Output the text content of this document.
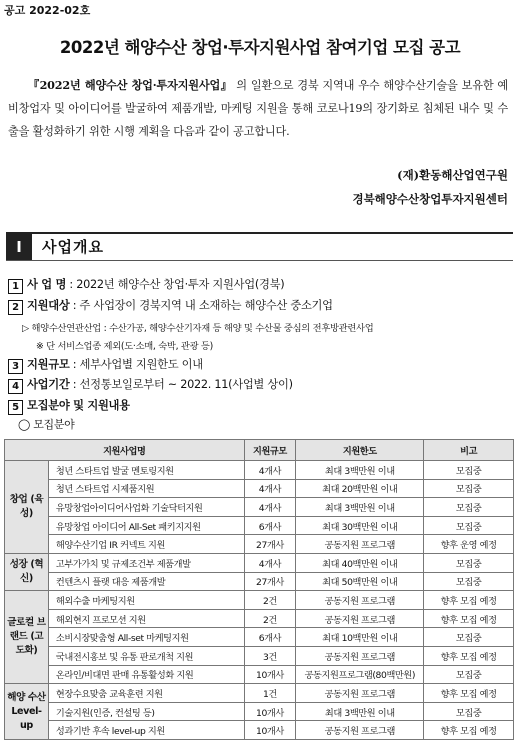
공고 2022-02호
2022년 해양수산 창업·투자지원사업 참여기업 모집 공고
『2022년 해양수산 창업·투자지원사업』 의 일환으로 경북 지역내 우수 해양수산기술을 보유한 예비창업자 및 아이디어를 발굴하여 제품개발, 마케팅 지원을 통해 코로나19의 장기화로 침체된 내수 및 수출을 활성화하기 위한 시행 계획을 다음과 같이 공고합니다.
(재)환동해산업연구원
경북해양수산창업투자지원센터
Ⅰ	사업개요
1 사 업 명 : 2022년 해양수산 창업·투자 지원사업(경북)
2 지원대상 : 주 사업장이 경북지역 내 소재하는 해양수산 중소기업
▷ 해양수산연관산업 : 수산가공, 해양수산기자재 등 해양 및 수산물 중심의 전후방관련사업
※ 단 서비스업종 제외(도·소매, 숙박, 관광 등)
3 지원규모 : 세부사업별 지원한도 이내
4 사업기간 : 선정통보일로부터 ~ 2022. 11(사업별 상이)
5 모집분야 및 지원내용
◯ 모집분야
지원사업명		지원규모	지원한도	비고
창업 (육성)	청년 스타트업 발굴 멘토링지원	4개사	최대 3백만원 이내	모집중
	청년 스타트업 시제품지원	4개사	최대 20백만원 이내	모집중
	유망창업아이디어사업화 기술닥터지원	4개사	최대 3백만원 이내	모집중
	유망창업 아이디어 All-Set 패키지지원	6개사	최대 30백만원 이내	모집중
	해양수산기업 IR 커넥트 지원	27개사	공동지원 프로그램	향후 운영 예정
성장 (혁신)	고부가가치 및 규제조건부 제품개발	4개사	최대 40백만원 이내	모집중
	컨텐츠시 플랫 대응 제품개발	27개사	최대 50백만원 이내	모집중
글로컬 브랜드 (고도화)	해외수출 마케팅지원	2건	공동지원 프로그램	향후 모집 예정
	해외현지 프로모션 지원	2건	공동지원 프로그램	향후 모집 예정
	소비시장맞춤형 All-set 마케팅지원	6개사	최대 10백만원 이내	모집중
	국내전시홍보 및 유통 판로개척 지원	3건	공동지원 프로그램	향후 모집 예정
	온라인/비대면 판매 유통활성화 지원	10개사	공동지원프로그램(80백만원)	모집중
해양 수산 Level-up	현장수요맞춤 교육훈련 지원	1건	공동지원 프로그램	향후 모집 예정
	기술지원(인증, 컨설팅 등)	10개사	최대 3백만원 이내	모집중
	성과기반 후속 level-up 지원	10개사	공동지원 프로그램	향후 모집 예정
